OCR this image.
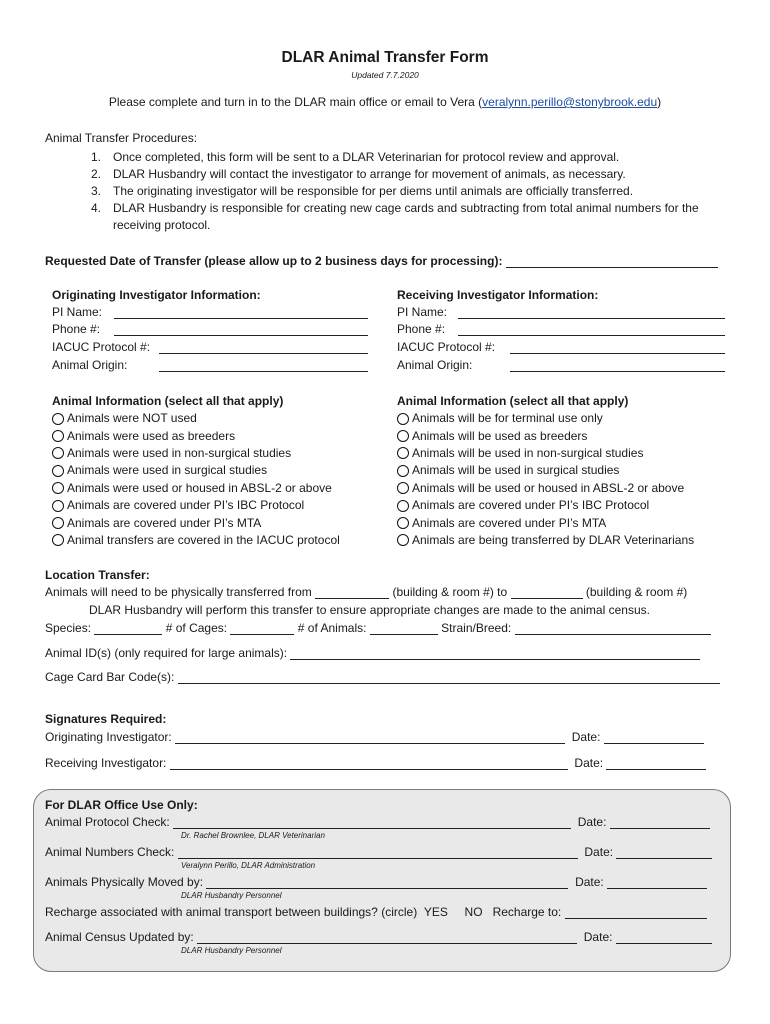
DLAR Animal Transfer Form
Updated 7.7.2020
Please complete and turn in to the DLAR main office or email to Vera (veralynn.perillo@stonybrook.edu)
Animal Transfer Procedures:
1. Once completed, this form will be sent to a DLAR Veterinarian for protocol review and approval.
2. DLAR Husbandry will contact the investigator to arrange for movement of animals, as necessary.
3. The originating investigator will be responsible for per diems until animals are officially transferred.
4. DLAR Husbandry is responsible for creating new cage cards and subtracting from total animal numbers for the receiving protocol.
Requested Date of Transfer (please allow up to 2 business days for processing):
Originating Investigator Information:
PI Name:
Phone #:
IACUC Protocol #:
Animal Origin:
Receiving Investigator Information:
PI Name:
Phone #:
IACUC Protocol #:
Animal Origin:
Animal Information (select all that apply)
Animals were NOT used
Animals were used as breeders
Animals were used in non-surgical studies
Animals were used in surgical studies
Animals were used or housed in ABSL-2 or above
Animals are covered under PI’s IBC Protocol
Animals are covered under PI’s MTA
Animal transfers are covered in the IACUC protocol
Animal Information (select all that apply)
Animals will be for terminal use only
Animals will be used as breeders
Animals will be used in non-surgical studies
Animals will be used in surgical studies
Animals will be used or housed in ABSL-2 or above
Animals are covered under PI’s IBC Protocol
Animals are covered under PI’s MTA
Animals are being transferred by DLAR Veterinarians
Location Transfer:
Animals will need to be physically transferred from	(building & room #) to	(building & room #)
DLAR Husbandry will perform this transfer to ensure appropriate changes are made to the animal census.
Species:	# of Cages:	# of Animals:	Strain/Breed:
Animal ID(s) (only required for large animals):
Cage Card Bar Code(s):
Signatures Required:
Originating Investigator:	Date:
Receiving Investigator:	Date:
For DLAR Office Use Only:
Animal Protocol Check:	Date:
Dr. Rachel Brownlee, DLAR Veterinarian
Animal Numbers Check:	Date:
Veralynn Perillo, DLAR Administration
Animals Physically Moved by:	Date:
DLAR Husbandry Personnel
Recharge associated with animal transport between buildings? (circle) YES NO Recharge to:
Animal Census Updated by:	Date:
DLAR Husbandry Personnel
